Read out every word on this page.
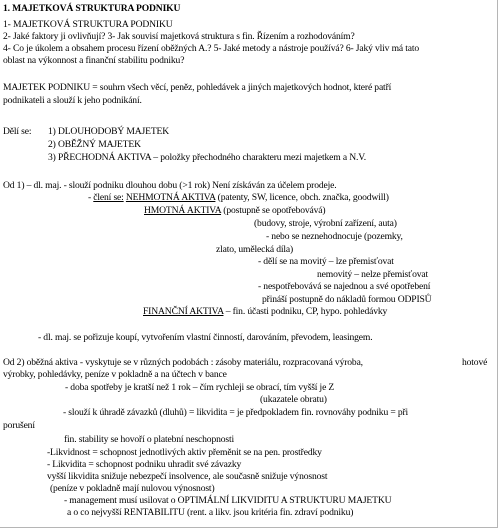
1. MAJETKOVÁ STRUKTURA PODNIKU

1- MAJETKOVÁ STRUKTURA PODNIKU

2- Jaké faktory ji ovlivňují? 3- Jak souvisí majetková struktura s fin. Řízením a rozhodováním?

4- Co je úkolem a obsahem procesu řízení oběžných A.? 5- Jaké metody a nástroje používá? 6- Jaký vliv má tato

oblast na výkonnost a finanční stabilitu podniku?

MAJETEK PODNIKU = souhrn všech věcí, peněz, pohledávek a jiných majetkových hodnot, které patří

podnikateli a slouží k jeho podnikání.

Dělí se: 1) DLOUHODOBÝ MAJETEK

2) OBĚŽNÝ MAJETEK

3) PŘECHODNÁ AKTIVA – položky přechodného charakteru mezi majetkem a N.V.

Od 1) – dl. maj. - slouží podniku dlouhou dobu (>1 rok) Není získáván za účelem prodeje.

- člení se: NEHMOTNÁ AKTIVA (patenty, SW, licence, obch. značka, goodwill)

HMOTNÁ AKTIVA (postupně se opotřebovává)

(budovy, stroje, výrobní zařízení, auta)

- nebo se neznehodnocuje (pozemky,

zlato, umělecká díla)

- dělí se na movitý – lze přemisťovat

nemovitý – nelze přemisťovat

- nespotřebovává se najednou a své opotřebení

přináší postupně do nákladů formou ODPISŮ

FINANČNÍ AKTIVA – fin. účasti podniku, CP, hypo. pohledávky

- dl. maj. se pořizuje koupí, vytvořením vlastní činností, darováním, převodem, leasingem.

Od 2) oběžná aktiva - vyskytuje se v různých podobách : zásoby materiálu, rozpracovaná výroba,	hotové

výrobky, pohledávky, peníze v pokladně a na účtech v bance

- doba spotřeby je kratší než 1 rok – čím rychleji se obrací, tím vyšší je Z

(ukazatele obratu)

- slouží k úhradě závazků (dluhů) = likvidita = je předpokladem fin. rovnováhy podniku = při

porušení

fin. stability se hovoří o platební neschopnosti

-Likvidnost = schopnost jednotlivých aktiv přeměnit se na pen. prostředky

- Likvidita = schopnost podniku uhradit své závazky

vyšší likvidita snižuje nebezpečí insolvence, ale současně snižuje výnosnost

(peníze v pokladně mají nulovou výnosnost)

- management musí usilovat o OPTIMÁLNÍ LIKVIDITU A STRUKTURU MAJETKU

a o co nejvyšší RENTABILITU (rent. a likv. jsou kritéria fin. zdraví podniku)
